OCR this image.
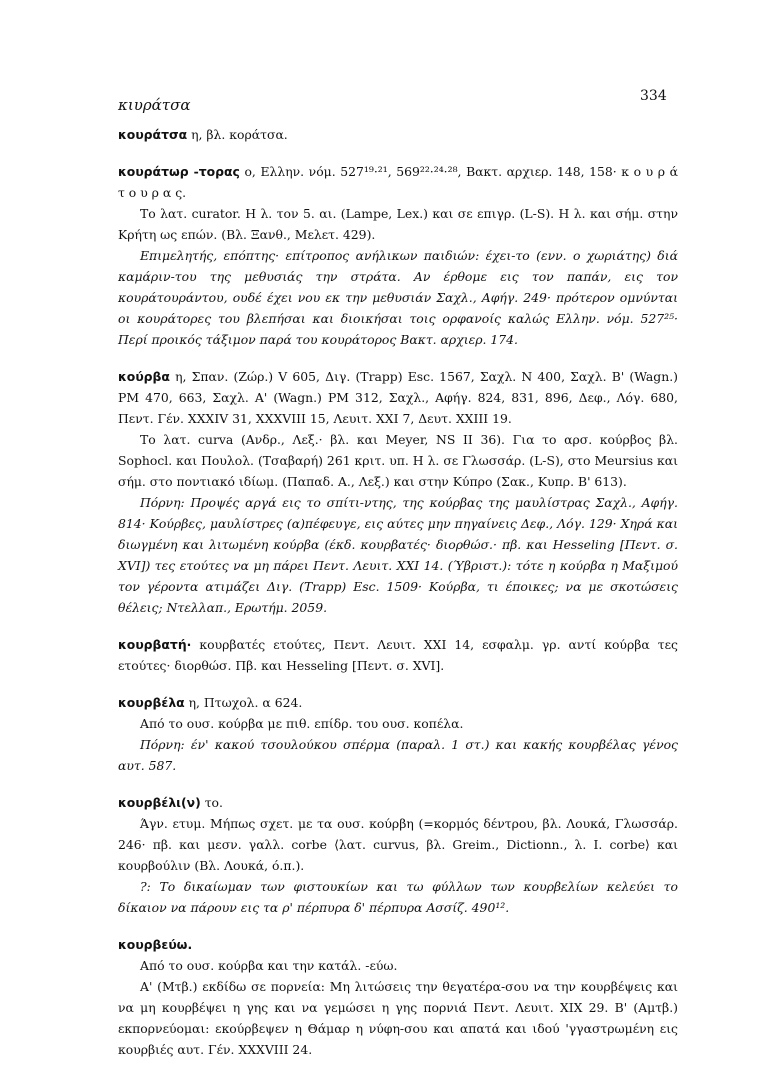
κιυράτσα	334

κουράτσα η, βλ. κοράτσα.

κουράτωρ -τορας ο, Ελλην. νόμ. 527¹⁹·²¹, 569²²·²⁴·²⁸, Βακτ. αρχιερ. 148, 158· κ ο υ ρ ά τ ο υ ρ α ς.

Το λατ. curator. Η λ. τον 5. αι. (Lampe, Lex.) και σε επιγρ. (L-S). Η λ. και σήμ. στην Κρήτη ως επών. (Βλ. Ξανθ., Μελετ. 429).

Επιμελητής, επόπτης· επίτροπος ανήλικων παιδιών: έχει-το (ενν. ο χωριάτης) διά καμάριν-του της μεθυσιάς την στράτα. Αν έρθομε εις τον παπάν, εις τον κουράτουράντου, ουδέ έχει νου εκ την μεθυσιάν Σαχλ., Αφήγ. 249· πρότερον ομνύνται οι κουράτορες του βλεπήσαι και διοικήσαι τοις ορφανοίς καλώς Ελλην. νόμ. 527²⁵· Περί προικός τάξιμον παρά του κουράτορος Βακτ. αρχιερ. 174.

κούρβα η, Σπαν. (Ζώρ.) V 605, Διγ. (Trapp) Esc. 1567, Σαχλ. Ν 400, Σαχλ. Β' (Wagn.) PM 470, 663, Σαχλ. Α' (Wagn.) PM 312, Σαχλ., Αφήγ. 824, 831, 896, Δεφ., Λόγ. 680, Πεντ. Γέν. XXXIV 31, XXXVIII 15, Λευιτ. XXI 7, Δευτ. XXIII 19.

Το λατ. curva (Ανδρ., Λεξ.· βλ. και Meyer, NS II 36). Για το αρσ. κούρβος βλ. Sophocl. και Πουλολ. (Τσαβαρή) 261 κριτ. υπ. Η λ. σε Γλωσσάρ. (L-S), στο Meursius και σήμ. στο ποντιακό ιδίωμ. (Παπαδ. Α., Λεξ.) και στην Κύπρο (Σακ., Κυπρ. Β' 613).

Πόρνη: Προψές αργά εις το σπίτι-ντης, της κούρβας της μαυλίστρας Σαχλ., Αφήγ. 814· Κούρβες, μαυλίστρες (α)πέφευγε, εις αύτες μην πηγαίνεις Δεφ., Λόγ. 129· Χηρά και διωγμένη και λιτωμένη κούρβα (έκδ. κουρβατές· διορθώσ.· πβ. και Hesseling [Πεντ. σ. XVI]) τες ετούτες να μη πάρει Πεντ. Λευιτ. XXI 14. (Ύβριστ.): τότε η κούρβα η Μαξιμού τον γέροντα ατιμάζει Διγ. (Trapp) Esc. 1509· Κούρβα, τι έποικες; να με σκοτώσεις θέλεις; Ντελλαπ., Ερωτήμ. 2059.

κουρβατή· κουρβατές ετούτες, Πεντ. Λευιτ. XXI 14, εσφαλμ. γρ. αντί κούρβα τες ετούτες· διορθώσ. Πβ. και Hesseling [Πεντ. σ. XVI].

κουρβέλα η, Πτωχολ. α 624.

Από το ουσ. κούρβα με πιθ. επίδρ. του ουσ. κοπέλα.

Πόρνη: έν' κακού τσουλούκου σπέρμα (παραλ. 1 στ.) και κακής κουρβέλας γένος αυτ. 587.

κουρβέλι(ν) το.

Άγν. ετυμ. Μήπως σχετ. με τα ουσ. κούρβη (=κορμός δέντρου, βλ. Λουκά, Γλωσσάρ. 246· πβ. και μεσν. γαλλ. corbe ⟨λατ. curvus, βλ. Greim., Dictionn., λ. I. corbe⟩ και κουρβούλιν (Βλ. Λουκά, ό.π.).

?: Το δικαίωμαν των φιστουκίων και τω φύλλων των κουρβελίων κελεύει το δίκαιον να πάρουν εις τα ρ' πέρπυρα δ' πέρπυρα Ασσίζ. 490¹².

κουρβεύω.

Από το ουσ. κούρβα και την κατάλ. -εύω.

Α' (Μτβ.) εκδίδω σε πορνεία: Μη λιτώσεις την θεγατέρα-σου να την κουρβέψεις και να μη κουρβέψει η γης και να γεμώσει η γης πορνιά Πεντ. Λευιτ. XIX 29. Β' (Αμτβ.) εκπορνεύομαι: εκούρβεψεν η Θάμαρ η νύφη-σου και απατά και ιδού 'γγαστρωμένη εις κουρβιές αυτ. Γέν. XXXVIII 24.
